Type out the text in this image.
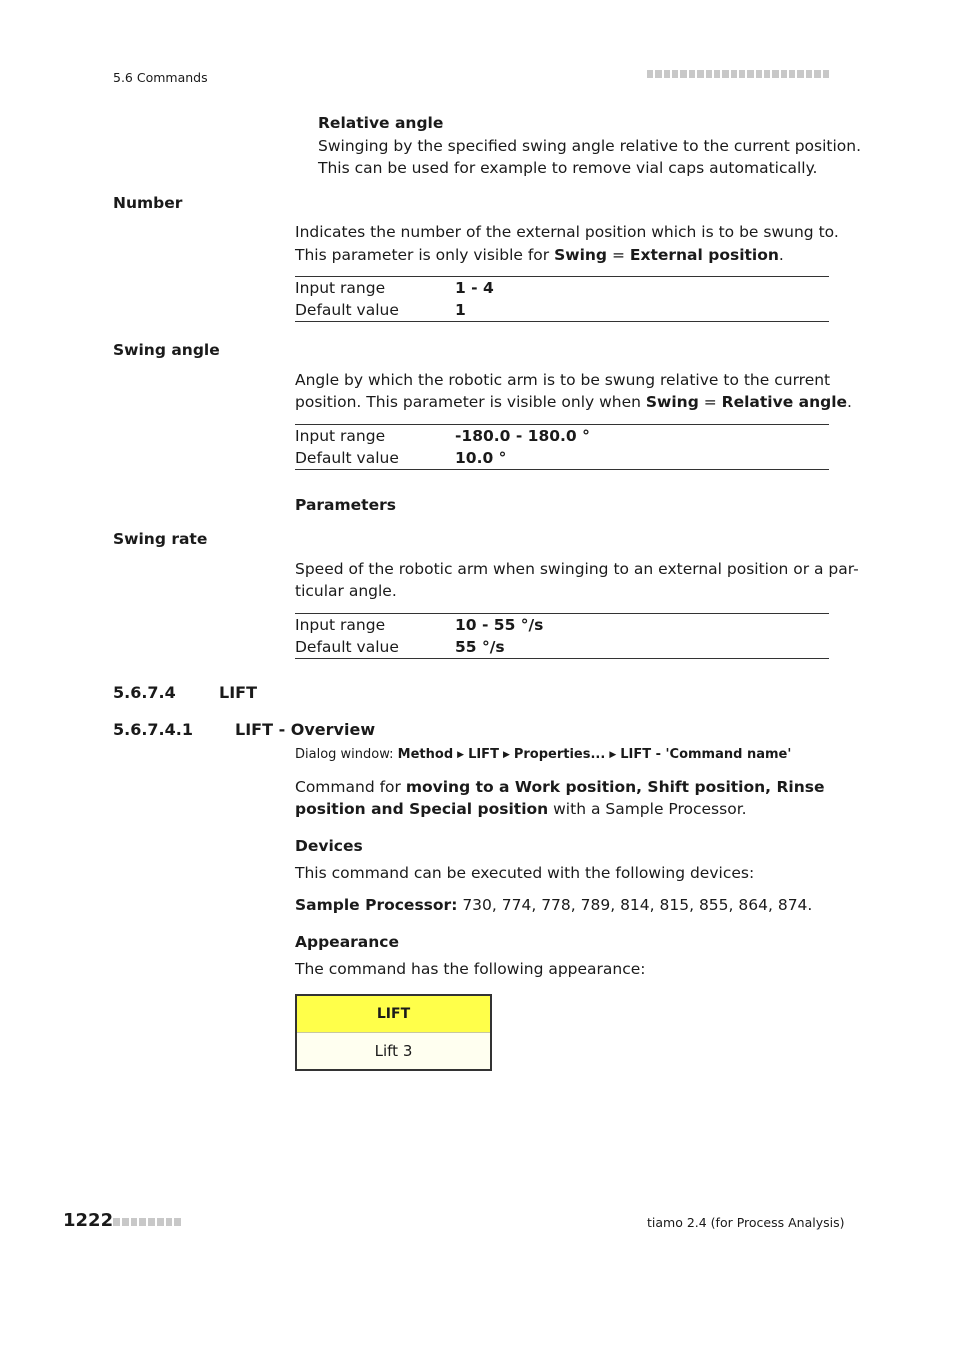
5.6 Commands
Relative angle
Swinging by the specified swing angle relative to the current position.
This can be used for example to remove vial caps automatically.
Number
Indicates the number of the external position which is to be swung to.
This parameter is only visible for Swing = External position.
Input range	1 - 4
Default value	1
Swing angle
Angle by which the robotic arm is to be swung relative to the current
position. This parameter is visible only when Swing = Relative angle.
Input range	-180.0 - 180.0 °
Default value	10.0 °
Parameters
Swing rate
Speed of the robotic arm when swinging to an external position or a par-
ticular angle.
Input range	10 - 55 °/s
Default value	55 °/s
5.6.7.4	LIFT
5.6.7.4.1	LIFT - Overview
Dialog window: Method ▶ LIFT ▶ Properties... ▶ LIFT - 'Command name'
Command for moving to a Work position, Shift position, Rinse
position and Special position with a Sample Processor.
Devices
This command can be executed with the following devices:
Sample Processor: 730, 774, 778, 789, 814, 815, 855, 864, 874.
Appearance
The command has the following appearance:
LIFT
Lift 3
1222	tiamo 2.4 (for Process Analysis)
